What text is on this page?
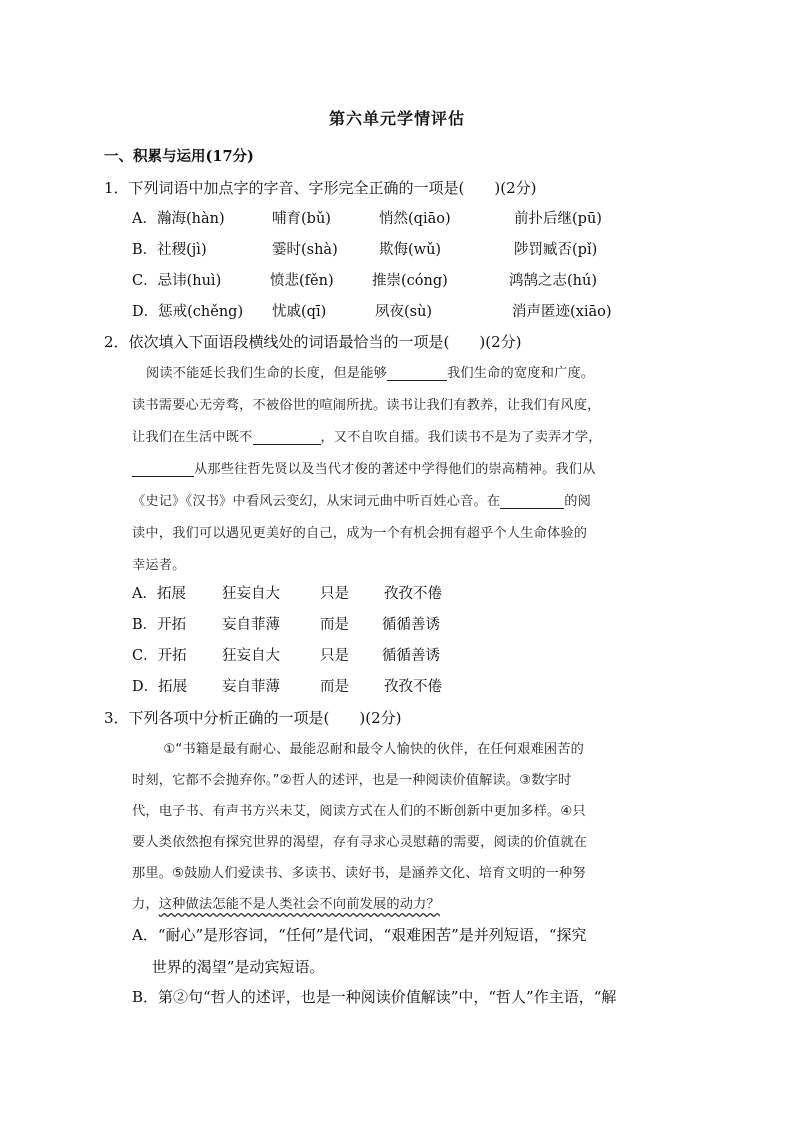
第六单元学情评估
一、积累与运用(17分)
1．下列词语中加点字的字音、字形完全正确的一项是(　　)(2分)
A．瀚海(hàn)	哺育(bǔ)	悄然(qiāo)	前扑后继(pū)
B．社稷(jì)	霎时(shà)	欺侮(wǔ)	陟罚臧否(pǐ)
C．忌讳(huì)	愤悲(fěn)	推崇(cóng)	鸿鹄之志(hú)
D．惩戒(chěng) 忧戚(qī)	夙夜(sù)	消声匿迹(xiāo)
2．依次填入下面语段横线处的词语最恰当的一项是(　　)(2分)
阅读不能延长我们生命的长度，但是能够	我们生命的宽度和广度。
读书需要心无旁骛，不被俗世的喧闹所扰。读书让我们有教养，让我们有风度，
让我们在生活中既不	，又不自吹自擂。我们读书不是为了卖弄才学，
从那些往哲先贤以及当代才俊的著述中学得他们的崇高精神。我们从
《史记》《汉书》中看风云变幻，从宋词元曲中听百姓心音。在	的阅
读中，我们可以遇见更美好的自己，成为一个有机会拥有超乎个人生命体验的
幸运者。
A．拓展 狂妄自大	只是 孜孜不倦
B．开拓 妄自菲薄	而是 循循善诱
C．开拓 狂妄自大	只是 循循善诱
D．拓展 妄自菲薄	而是 孜孜不倦
3．下列各项中分析正确的一项是(　　)(2分)
　①“书籍是最有耐心、最能忍耐和最令人愉快的伙伴，在任何艰难困苦的
时刻，它都不会抛弃你。”②哲人的述评，也是一种阅读价值解读。③数字时
代，电子书、有声书方兴未艾，阅读方式在人们的不断创新中更加多样。④只
要人类依然抱有探究世界的渴望，存有寻求心灵慰藉的需要，阅读的价值就在
那里。⑤鼓励人们爱读书、多读书、读好书，是涵养文化、培育文明的一种努
力，这种做法怎能不是人类社会不向前发展的动力？
A．“耐心”是形容词，“任何”是代词，“艰难困苦”是并列短语，“探究
　 世界的渴望”是动宾短语。
B．第②句“哲人的述评，也是一种阅读价值解读”中，“哲人”作主语，“解
